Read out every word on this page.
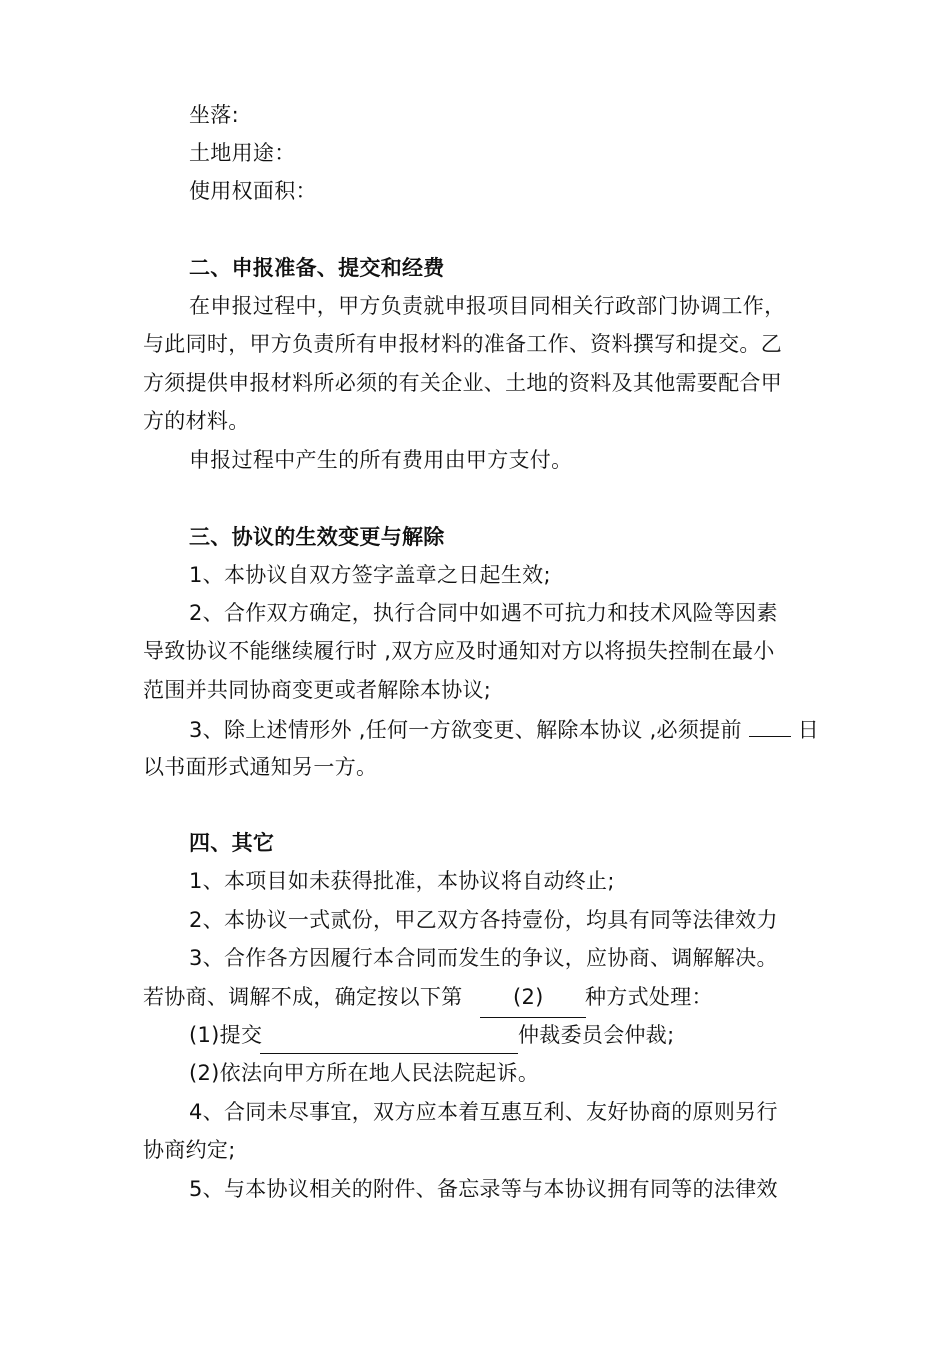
坐落:
土地用途：
使用权面积：
二、申报准备、提交和经费
在申报过程中，甲方负责就申报项目同相关行政部门协调工作，
与此同时，甲方负责所有申报材料的准备工作、资料撰写和提交。乙
方须提供申报材料所必须的有关企业、土地的资料及其他需要配合甲
方的材料。
申报过程中产生的所有费用由甲方支付。
三、协议的生效变更与解除
1、本协议自双方签字盖章之日起生效;
2、合作双方确定，执行合同中如遇不可抗力和技术风险等因素
导致协议不能继续履行时 ,双方应及时通知对方以将损失控制在最小
范围并共同协商变更或者解除本协议;
3、除上述情形外 ,任何一方欲变更、解除本协议 ,必须提前	日
以书面形式通知另一方。
四、其它
1、本项目如未获得批准，本协议将自动终止;
2、本协议一式贰份，甲乙双方各持壹份，均具有同等法律效力
3、合作各方因履行本合同而发生的争议，应协商、调解解决。
若协商、调解不成，确定按以下第 (2) 种方式处理：
(1)提交	仲裁委员会仲裁;
(2)依法向甲方所在地人民法院起诉。
4、合同未尽事宜，双方应本着互惠互利、友好协商的原则另行
协商约定;
5、与本协议相关的附件、备忘录等与本协议拥有同等的法律效
